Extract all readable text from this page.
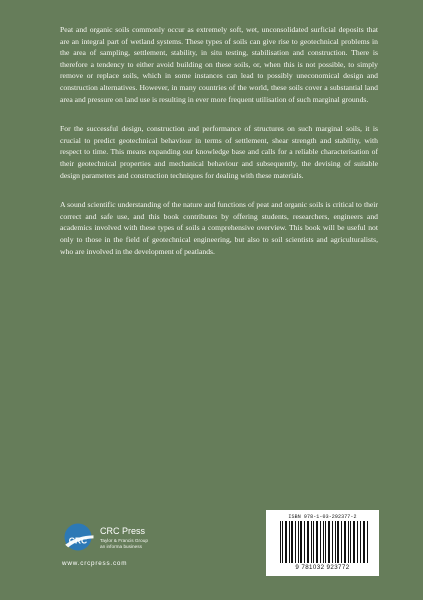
Peat and organic soils commonly occur as extremely soft, wet, unconsolidated surficial deposits that are an integral part of wetland systems. These types of soils can give rise to geotechnical problems in the area of sampling, settlement, stability, in situ testing, stabilisation and construction. There is therefore a tendency to either avoid building on these soils, or, when this is not possible, to simply remove or replace soils, which in some instances can lead to possibly uneconomical design and construction alternatives. However, in many countries of the world, these soils cover a substantial land area and pressure on land use is resulting in ever more frequent utilisation of such marginal grounds.

For the successful design, construction and performance of structures on such marginal soils, it is crucial to predict geotechnical behaviour in terms of settlement, shear strength and stability, with respect to time. This means expanding our knowledge base and calls for a reliable characterisation of their geotechnical properties and mechanical behaviour and subsequently, the devising of suitable design parameters and construction techniques for dealing with these materials.

A sound scientific understanding of the nature and functions of peat and organic soils is critical to their correct and safe use, and this book contributes by offering students, researchers, engineers and academics involved with these types of soils a comprehensive overview. This book will be useful not only to those in the field of geotechnical engineering, but also to soil scientists and agriculturalists, who are involved in the development of peatlands.

CRC
CRC Press
Taylor & Francis Group
an informa business
www.crcpress.com
ISBN 978-1-03-292377-2
9 781032 923772
